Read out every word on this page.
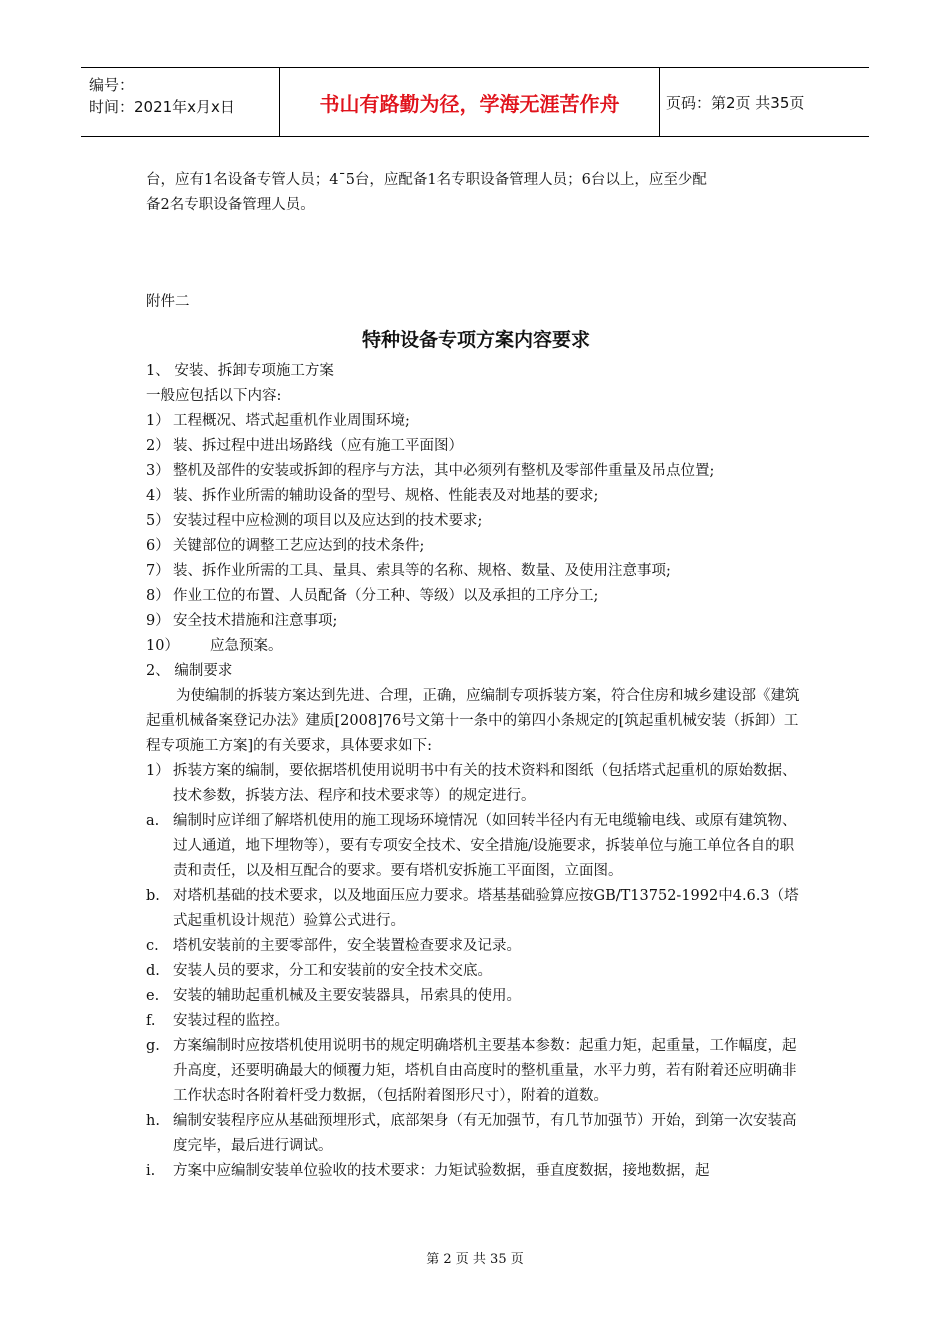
编号：
时间：2021年x月x日	书山有路勤为径，学海无涯苦作舟	页码：第2页 共35页

台，应有1名设备专管人员；4¯5台，应配备1名专职设备管理人员；6台以上，应至少配

备2名专职设备管理人员。

附件二

特种设备专项方案内容要求

1、 安装、拆卸专项施工方案

一般应包括以下内容:

1） 工程概况、塔式起重机作业周围环境;
2） 装、拆过程中进出场路线（应有施工平面图）
3） 整机及部件的安装或拆卸的程序与方法，其中必须列有整机及零部件重量及吊点位置;
4） 装、拆作业所需的辅助设备的型号、规格、性能表及对地基的要求;
5） 安装过程中应检测的项目以及应达到的技术要求;
6） 关键部位的调整工艺应达到的技术条件;
7） 装、拆作业所需的工具、量具、索具等的名称、规格、数量、及使用注意事项;
8） 作业工位的布置、人员配备（分工种、等级）以及承担的工序分工;
9） 安全技术措施和注意事项;
10）	应急预案。

2、 编制要求

为使编制的拆装方案达到先进、合理，正确，应编制专项拆装方案，符合住房和城乡建设部《建筑起重机械备案登记办法》建质[2008]76号文第十一条中的第四小条规定的[筑起重机械安装（拆卸）工程专项施工方案]的有关要求，具体要求如下:

1） 拆装方案的编制，要依据塔机使用说明书中有关的技术资料和图纸（包括塔式起重机的原始数据、技术参数，拆装方法、程序和技术要求等）的规定进行。
a. 编制时应详细了解塔机使用的施工现场环境情况（如回转半径内有无电缆输电线、或原有建筑物、过人通道，地下埋物等），要有专项安全技术、安全措施/设施要求，拆装单位与施工单位各自的职责和责任，以及相互配合的要求。要有塔机安拆施工平面图，立面图。
b. 对塔机基础的技术要求，以及地面压应力要求。塔基基础验算应按GB/T13752-1992中4.6.3（塔式起重机设计规范）验算公式进行。
c. 塔机安装前的主要零部件，安全装置检查要求及记录。
d. 安装人员的要求，分工和安装前的安全技术交底。
e. 安装的辅助起重机械及主要安装器具，吊索具的使用。
f.	安装过程的监控。
g. 方案编制时应按塔机使用说明书的规定明确塔机主要基本参数：起重力矩，起重量，工作幅度，起升高度，还要明确最大的倾覆力矩，塔机自由高度时的整机重量，水平力剪，若有附着还应明确非工作状态时各附着杆受力数据，（包括附着图形尺寸），附着的道数。
h. 编制安装程序应从基础预埋形式，底部架身（有无加强节，有几节加强节）开始，到第一次安装高度完毕，最后进行调试。
i.	方案中应编制安装单位验收的技术要求：力矩试验数据，垂直度数据，接地数据，起
第 2 页 共 35 页
